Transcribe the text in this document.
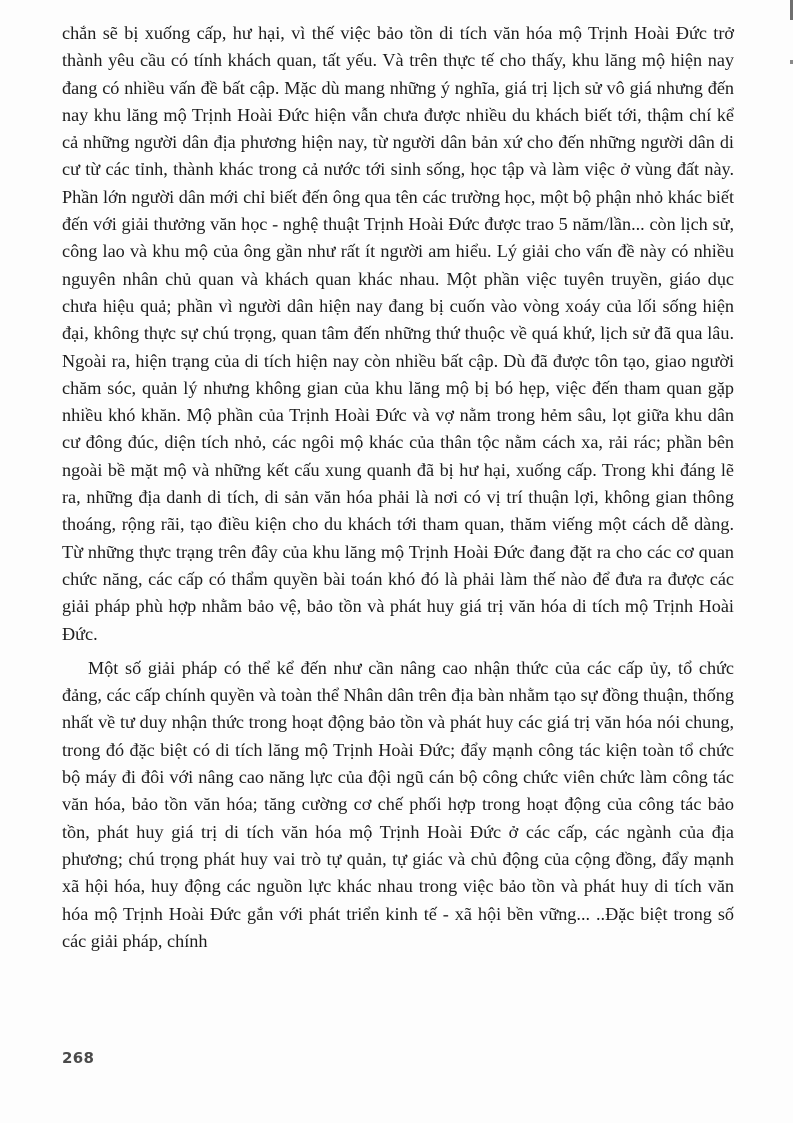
chắn sẽ bị xuống cấp, hư hại, vì thế việc bảo tồn di tích văn hóa mộ Trịnh Hoài Đức trở thành yêu cầu có tính khách quan, tất yếu. Và trên thực tế cho thấy, khu lăng mộ hiện nay đang có nhiều vấn đề bất cập. Mặc dù mang những ý nghĩa, giá trị lịch sử vô giá nhưng đến nay khu lăng mộ Trịnh Hoài Đức hiện vẫn chưa được nhiều du khách biết tới, thậm chí kể cả những người dân địa phương hiện nay, từ người dân bản xứ cho đến những người dân di cư từ các tỉnh, thành khác trong cả nước tới sinh sống, học tập và làm việc ở vùng đất này. Phần lớn người dân mới chỉ biết đến ông qua tên các trường học, một bộ phận nhỏ khác biết đến với giải thưởng văn học - nghệ thuật Trịnh Hoài Đức được trao 5 năm/lần... còn lịch sử, công lao và khu mộ của ông gần như rất ít người am hiểu. Lý giải cho vấn đề này có nhiều nguyên nhân chủ quan và khách quan khác nhau. Một phần việc tuyên truyền, giáo dục chưa hiệu quả; phần vì người dân hiện nay đang bị cuốn vào vòng xoáy của lối sống hiện đại, không thực sự chú trọng, quan tâm đến những thứ thuộc về quá khứ, lịch sử đã qua lâu. Ngoài ra, hiện trạng của di tích hiện nay còn nhiều bất cập. Dù đã được tôn tạo, giao người chăm sóc, quản lý nhưng không gian của khu lăng mộ bị bó hẹp, việc đến tham quan gặp nhiều khó khăn. Mộ phần của Trịnh Hoài Đức và vợ nằm trong hẻm sâu, lọt giữa khu dân cư đông đúc, diện tích nhỏ, các ngôi mộ khác của thân tộc nằm cách xa, rải rác; phần bên ngoài bề mặt mộ và những kết cấu xung quanh đã bị hư hại, xuống cấp. Trong khi đáng lẽ ra, những địa danh di tích, di sản văn hóa phải là nơi có vị trí thuận lợi, không gian thông thoáng, rộng rãi, tạo điều kiện cho du khách tới tham quan, thăm viếng một cách dễ dàng. Từ những thực trạng trên đây của khu lăng mộ Trịnh Hoài Đức đang đặt ra cho các cơ quan chức năng, các cấp có thẩm quyền bài toán khó đó là phải làm thế nào để đưa ra được các giải pháp phù hợp nhằm bảo vệ, bảo tồn và phát huy giá trị văn hóa di tích mộ Trịnh Hoài Đức.

Một số giải pháp có thể kể đến như cần nâng cao nhận thức của các cấp ủy, tổ chức đảng, các cấp chính quyền và toàn thể Nhân dân trên địa bàn nhằm tạo sự đồng thuận, thống nhất về tư duy nhận thức trong hoạt động bảo tồn và phát huy các giá trị văn hóa nói chung, trong đó đặc biệt có di tích lăng mộ Trịnh Hoài Đức; đẩy mạnh công tác kiện toàn tổ chức bộ máy đi đôi với nâng cao năng lực của đội ngũ cán bộ công chức viên chức làm công tác văn hóa, bảo tồn văn hóa; tăng cường cơ chế phối hợp trong hoạt động của công tác bảo tồn, phát huy giá trị di tích văn hóa mộ Trịnh Hoài Đức ở các cấp, các ngành của địa phương; chú trọng phát huy vai trò tự quản, tự giác và chủ động của cộng đồng, đẩy mạnh xã hội hóa, huy động các nguồn lực khác nhau trong việc bảo tồn và phát huy di tích văn hóa mộ Trịnh Hoài Đức gắn với phát triển kinh tế - xã hội bền vững... ..Đặc biệt trong số các giải pháp, chính

268
